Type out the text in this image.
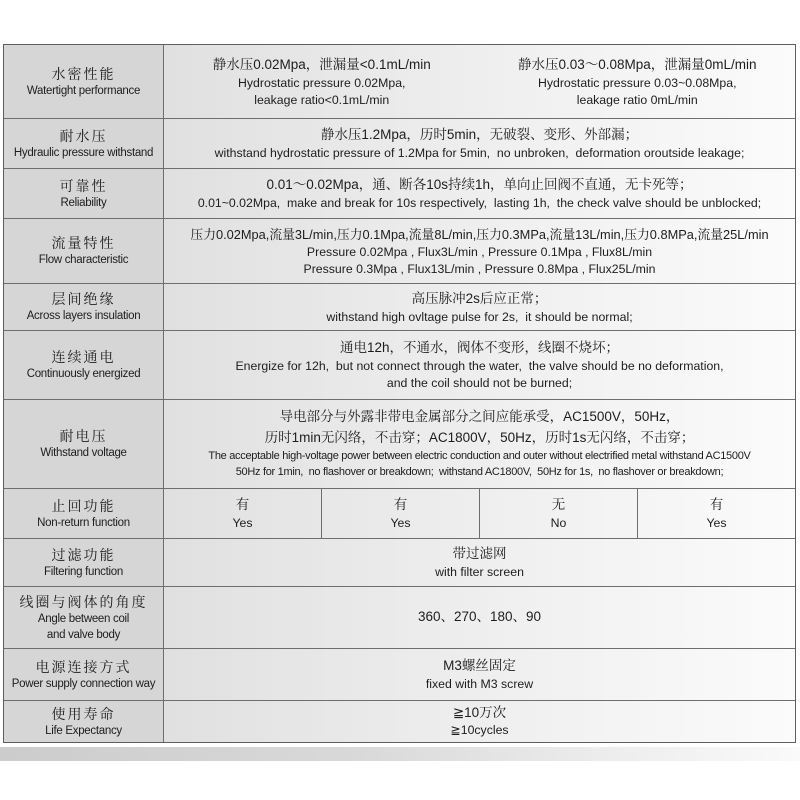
水密性能
Watertight performance
静水压0.02Mpa，泄漏量<0.1mL/min
Hydrostatic pressure 0.02Mpa,
leakage ratio<0.1mL/min
静水压0.03～0.08Mpa，泄漏量0mL/min
Hydrostatic pressure 0.03~0.08Mpa,
leakage ratio 0mL/min
耐水压
Hydraulic pressure withstand
静水压1.2Mpa，历时5min，无破裂、变形、外部漏；
withstand hydrostatic pressure of 1.2Mpa for 5min,  no unbroken,  deformation oroutside leakage;
可靠性
Reliability
0.01～0.02Mpa，通、断各10s持续1h，单向止回阀不直通，无卡死等；
0.01~0.02Mpa,  make and break for 10s respectively,  lasting 1h,  the check valve should be unblocked;
流量特性
Flow characteristic
压力0.02Mpa,流量3L/min,压力0.1Mpa,流量8L/min,压力0.3MPa,流量13L/min,压力0.8MPa,流量25L/min
Pressure 0.02Mpa , Flux3L/min , Pressure 0.1Mpa , Flux8L/min
Pressure 0.3Mpa , Flux13L/min , Pressure 0.8Mpa , Flux25L/min
层间绝缘
Across layers insulation
高压脉冲2s后应正常；
withstand high ovltage pulse for 2s,  it should be normal;
连续通电
Continuously energized
通电12h，不通水，阀体不变形，线圈不烧坏；
Energize for 12h,  but not connect through the water,  the valve should be no deformation,
and the coil should not be burned;
耐电压
Withstand voltage
导电部分与外露非带电金属部分之间应能承受，AC1500V，50Hz，
历时1min无闪络，不击穿；AC1800V，50Hz，历时1s无闪络，不击穿；
The acceptable high-voltage power between electric conduction and outer without electrified metal withstand AC1500V
50Hz for 1min,  no flashover or breakdown;  withstand AC1800V,  50Hz for 1s,  no flashover or breakdown;
止回功能
Non-return function
有
Yes
有
Yes
无
No
有
Yes
过滤功能
Filtering function
带过滤网
with filter screen
线圈与阀体的角度
Angle between coil
and valve body
360、270、180、90
电源连接方式
Power supply connection way
M3螺丝固定
fixed with M3 screw
使用寿命
Life Expectancy
≧10万次
≧10cycles
